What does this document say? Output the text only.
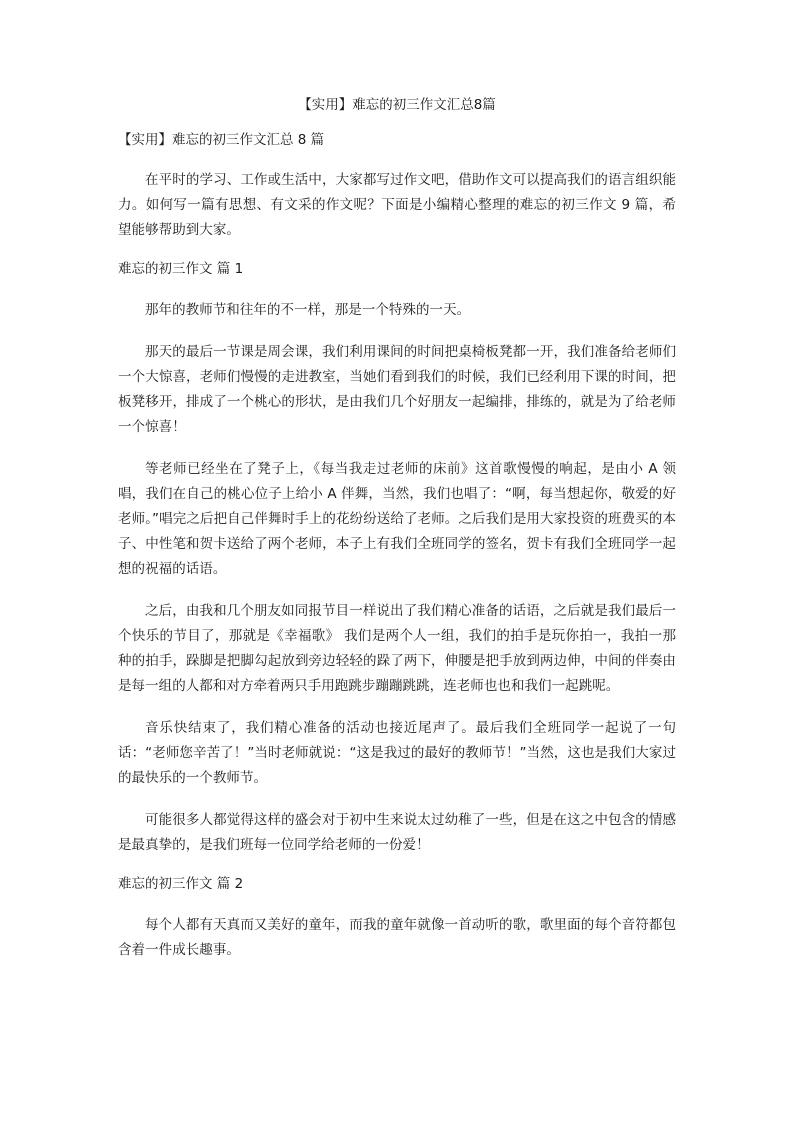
【实用】难忘的初三作文汇总8篇
【实用】难忘的初三作文汇总 8 篇

在平时的学习、工作或生活中，大家都写过作文吧，借助作文可以提高我们的语言组织能力。如何写一篇有思想、有文采的作文呢？下面是小编精心整理的难忘的初三作文 9 篇，希望能够帮助到大家。

难忘的初三作文 篇 1

那年的教师节和往年的不一样，那是一个特殊的一天。

那天的最后一节课是周会课，我们利用课间的时间把桌椅板凳都一开，我们准备给老师们一个大惊喜，老师们慢慢的走进教室，当她们看到我们的时候，我们已经利用下课的时间，把板凳移开，排成了一个桃心的形状，是由我们几个好朋友一起编排，排练的，就是为了给老师一个惊喜！

等老师已经坐在了凳子上，《每当我走过老师的床前》这首歌慢慢的响起，是由小 A 领唱，我们在自己的桃心位子上给小 A 伴舞，当然，我们也唱了：“啊，每当想起你，敬爱的好老师。”唱完之后把自己伴舞时手上的花纷纷送给了老师。之后我们是用大家投资的班费买的本子、中性笔和贺卡送给了两个老师，本子上有我们全班同学的签名，贺卡有我们全班同学一起想的祝福的话语。

之后，由我和几个朋友如同报节目一样说出了我们精心准备的话语，之后就是我们最后一个快乐的节目了，那就是《幸福歌》 我们是两个人一组，我们的拍手是玩你拍一，我拍一那种的拍手，跺脚是把脚勾起放到旁边轻轻的跺了两下，伸腰是把手放到两边伸，中间的伴奏由是每一组的人都和对方牵着两只手用跑跳步蹦蹦跳跳，连老师也也和我们一起跳呢。

音乐快结束了，我们精心准备的活动也接近尾声了。最后我们全班同学一起说了一句话：“老师您辛苦了！”当时老师就说：“这是我过的最好的教师节！”当然，这也是我们大家过的最快乐的一个教师节。

可能很多人都觉得这样的盛会对于初中生来说太过幼稚了一些，但是在这之中包含的情感是最真挚的，是我们班每一位同学给老师的一份爱！

难忘的初三作文 篇 2

每个人都有天真而又美好的童年，而我的童年就像一首动听的歌，歌里面的每个音符都包含着一件成长趣事。
